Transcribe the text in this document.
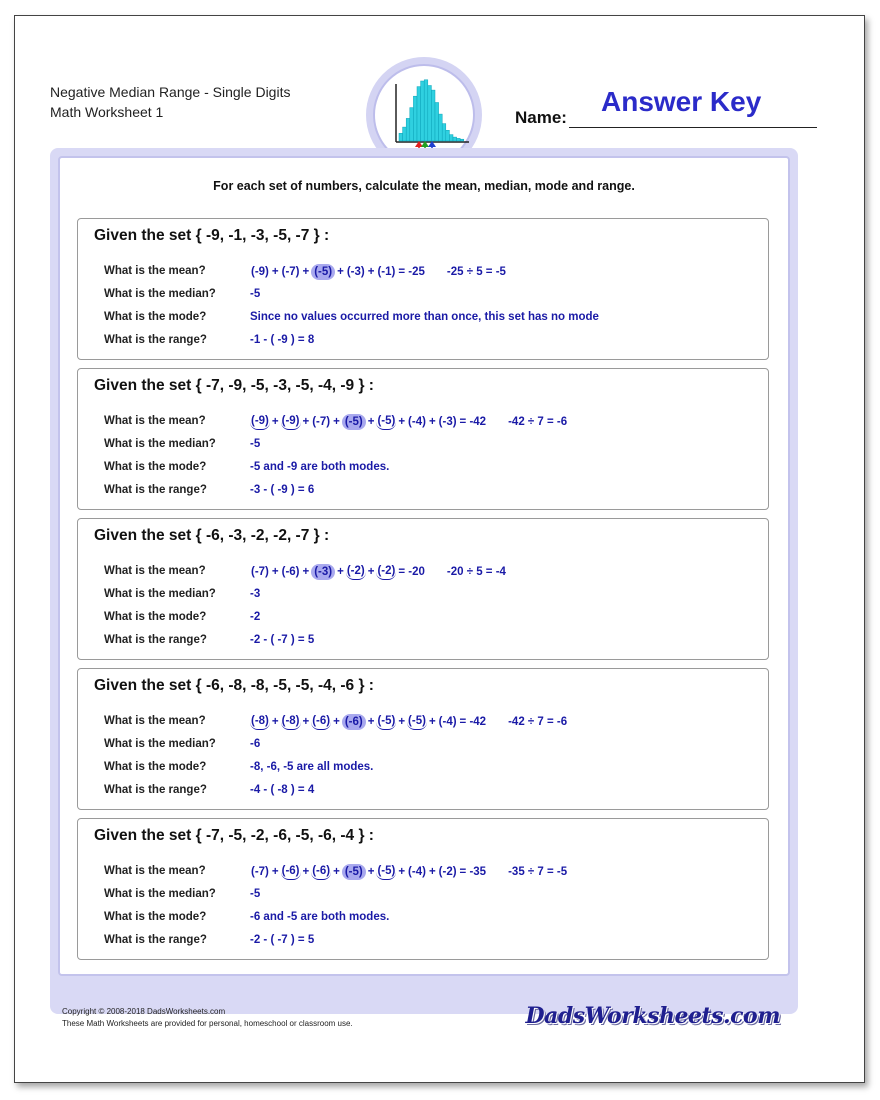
Negative Median Range - Single Digits
Math Worksheet 1	Name:
Answer Key
For each set of numbers, calculate the mean, median, mode and range.
Given the set { -9, -1, -3, -5, -7 } :
What is the mean?	(-9) + (-7) + (-5) + (-3) + (-1) = -25 -25 ÷ 5 = -5
What is the median?	-5
What is the mode?	Since no values occurred more than once, this set has no mode
What is the range?	-1 - ( -9 ) = 8
Given the set { -7, -9, -5, -3, -5, -4, -9 } :
What is the mean?	(-9) + (-9) + (-7) + (-5) + (-5) + (-4) + (-3) = -42 -42 ÷ 7 = -6
What is the median?	-5
What is the mode?	-5 and -9 are both modes.
What is the range?	-3 - ( -9 ) = 6
Given the set { -6, -3, -2, -2, -7 } :
What is the mean?	(-7) + (-6) + (-3) + (-2) + (-2) = -20 -20 ÷ 5 = -4
What is the median?	-3
What is the mode?	-2
What is the range?	-2 - ( -7 ) = 5
Given the set { -6, -8, -8, -5, -5, -4, -6 } :
What is the mean?	(-8) + (-8) + (-6) + (-6) + (-5) + (-5) + (-4) = -42 -42 ÷ 7 = -6
What is the median?	-6
What is the mode?	-8, -6, -5 are all modes.
What is the range?	-4 - ( -8 ) = 4
Given the set { -7, -5, -2, -6, -5, -6, -4 } :
What is the mean?	(-7) + (-6) + (-6) + (-5) + (-5) + (-4) + (-2) = -35 -35 ÷ 7 = -5
What is the median?	-5
What is the mode?	-6 and -5 are both modes.
What is the range?	-2 - ( -7 ) = 5
Copyright © 2008-2018 DadsWorksheets.com
These Math Worksheets are provided for personal, homeschool or classroom use.	DadsWorksheets.com
